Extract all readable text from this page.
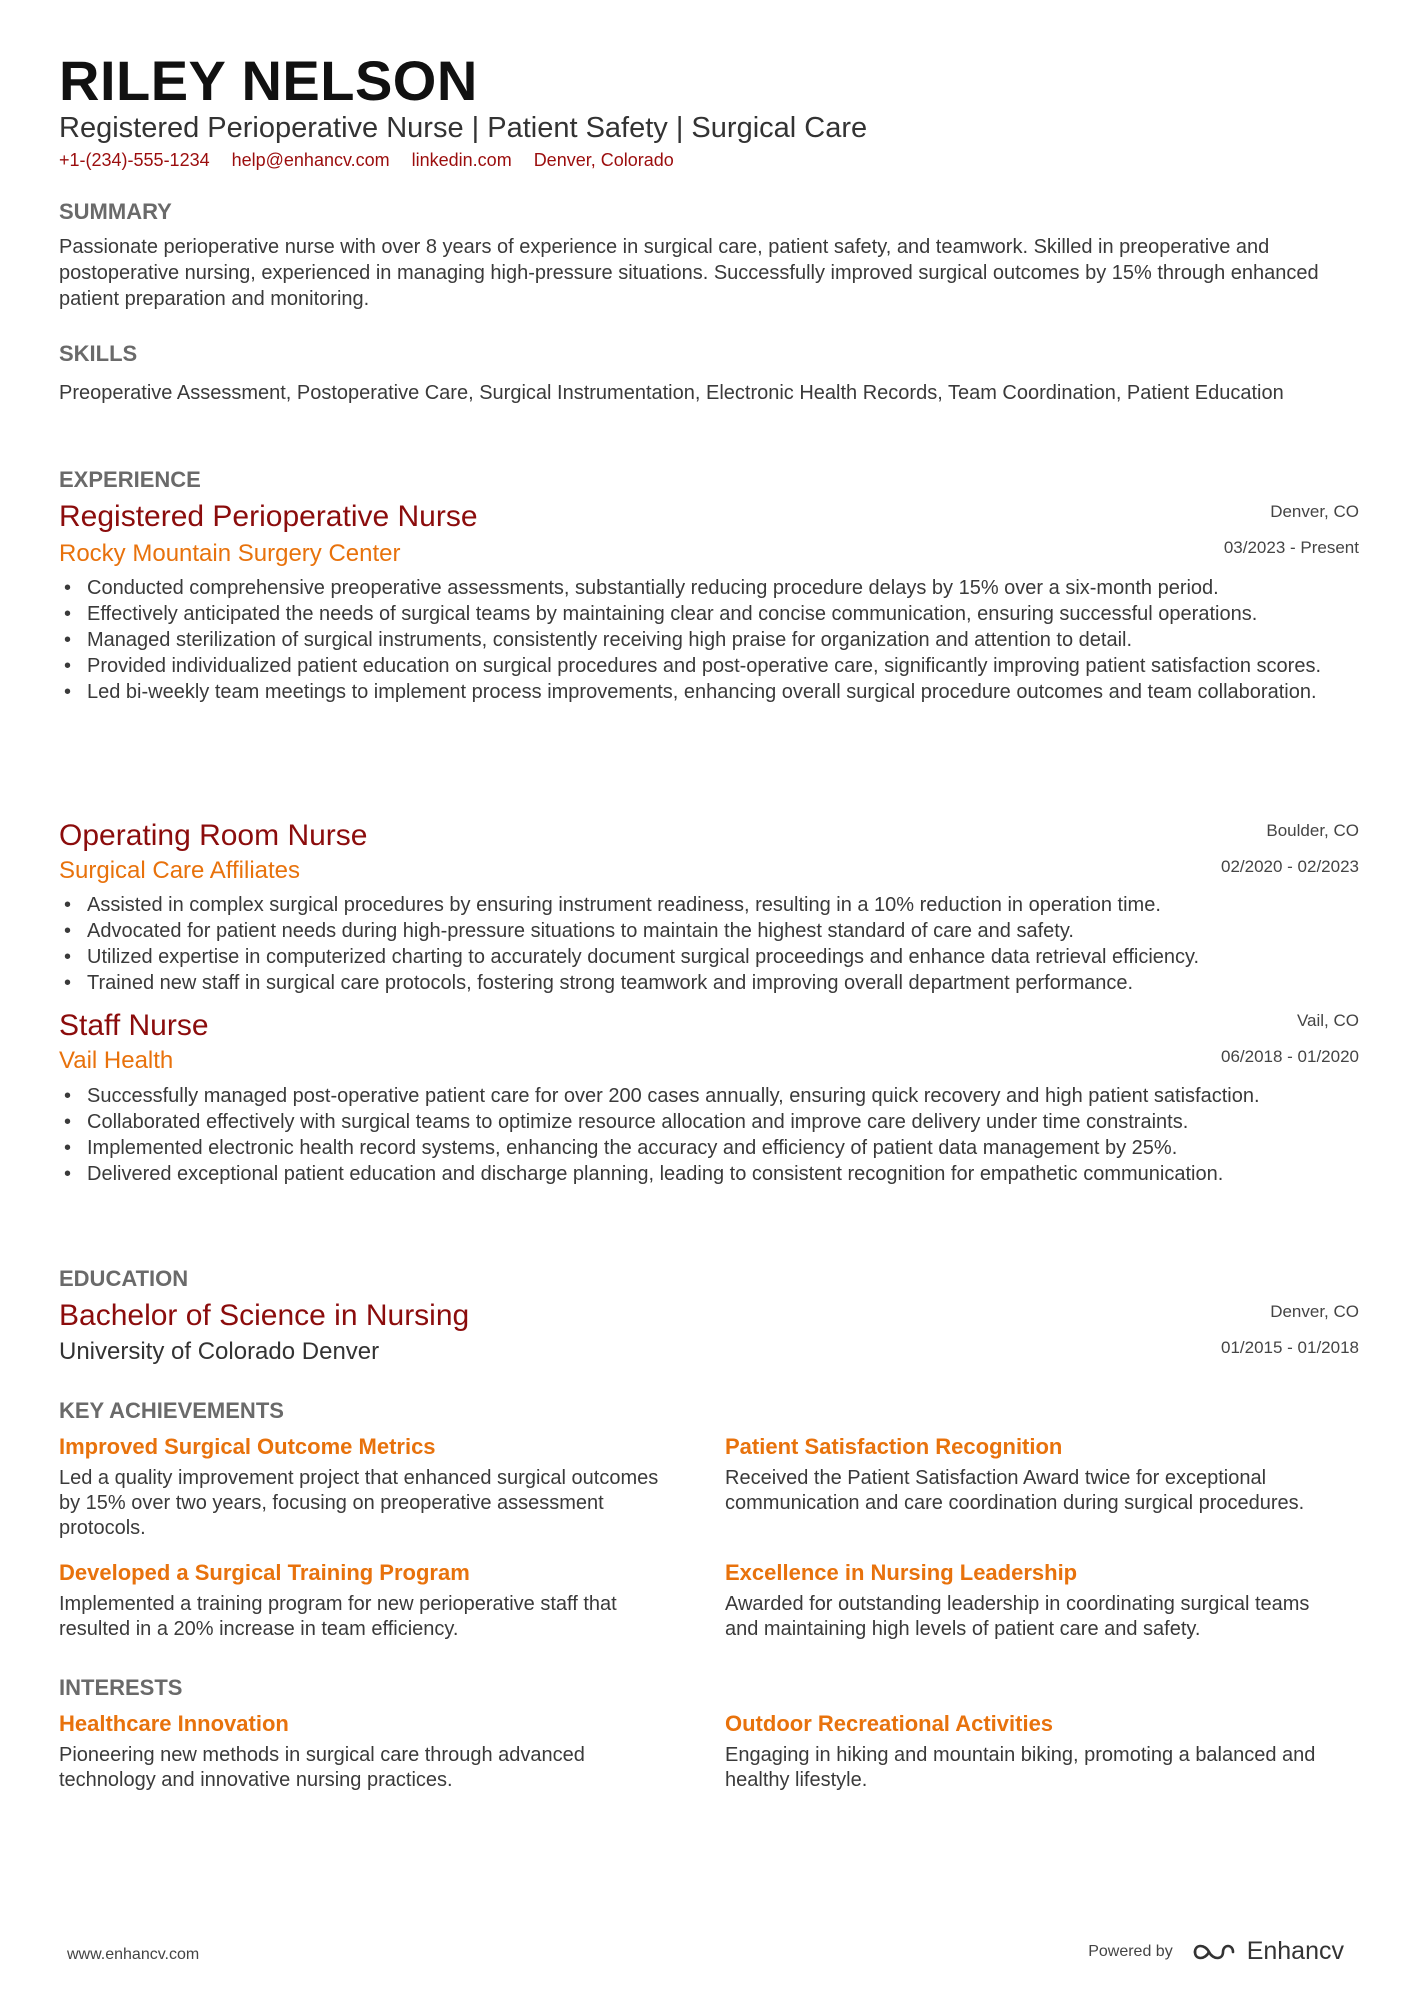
RILEY NELSON
Registered Perioperative Nurse | Patient Safety | Surgical Care
+1-(234)-555-1234 help@enhancv.com linkedin.com Denver, Colorado
SUMMARY
Passionate perioperative nurse with over 8 years of experience in surgical care, patient safety, and teamwork. Skilled in preoperative and postoperative nursing, experienced in managing high-pressure situations. Successfully improved surgical outcomes by 15% through enhanced patient preparation and monitoring.
SKILLS
Preoperative Assessment, Postoperative Care, Surgical Instrumentation, Electronic Health Records, Team Coordination, Patient Education
EXPERIENCE
Registered Perioperative Nurse	Denver, CO
Rocky Mountain Surgery Center	03/2023 - Present
• Conducted comprehensive preoperative assessments, substantially reducing procedure delays by 15% over a six-month period.
• Effectively anticipated the needs of surgical teams by maintaining clear and concise communication, ensuring successful operations.
• Managed sterilization of surgical instruments, consistently receiving high praise for organization and attention to detail.
• Provided individualized patient education on surgical procedures and post-operative care, significantly improving patient satisfaction scores.
• Led bi-weekly team meetings to implement process improvements, enhancing overall surgical procedure outcomes and team collaboration.
Operating Room Nurse	Boulder, CO
Surgical Care Affiliates	02/2020 - 02/2023
• Assisted in complex surgical procedures by ensuring instrument readiness, resulting in a 10% reduction in operation time.
• Advocated for patient needs during high-pressure situations to maintain the highest standard of care and safety.
• Utilized expertise in computerized charting to accurately document surgical proceedings and enhance data retrieval efficiency.
• Trained new staff in surgical care protocols, fostering strong teamwork and improving overall department performance.
Staff Nurse	Vail, CO
Vail Health	06/2018 - 01/2020
• Successfully managed post-operative patient care for over 200 cases annually, ensuring quick recovery and high patient satisfaction.
• Collaborated effectively with surgical teams to optimize resource allocation and improve care delivery under time constraints.
• Implemented electronic health record systems, enhancing the accuracy and efficiency of patient data management by 25%.
• Delivered exceptional patient education and discharge planning, leading to consistent recognition for empathetic communication.
EDUCATION
Bachelor of Science in Nursing	Denver, CO
University of Colorado Denver	01/2015 - 01/2018
KEY ACHIEVEMENTS
Improved Surgical Outcome Metrics
Led a quality improvement project that enhanced surgical outcomes by 15% over two years, focusing on preoperative assessment protocols.
Patient Satisfaction Recognition
Received the Patient Satisfaction Award twice for exceptional communication and care coordination during surgical procedures.
Developed a Surgical Training Program
Implemented a training program for new perioperative staff that resulted in a 20% increase in team efficiency.
Excellence in Nursing Leadership
Awarded for outstanding leadership in coordinating surgical teams and maintaining high levels of patient care and safety.
INTERESTS
Healthcare Innovation
Pioneering new methods in surgical care through advanced technology and innovative nursing practices.
Outdoor Recreational Activities
Engaging in hiking and mountain biking, promoting a balanced and healthy lifestyle.
www.enhancv.com	Powered by	Enhancv
